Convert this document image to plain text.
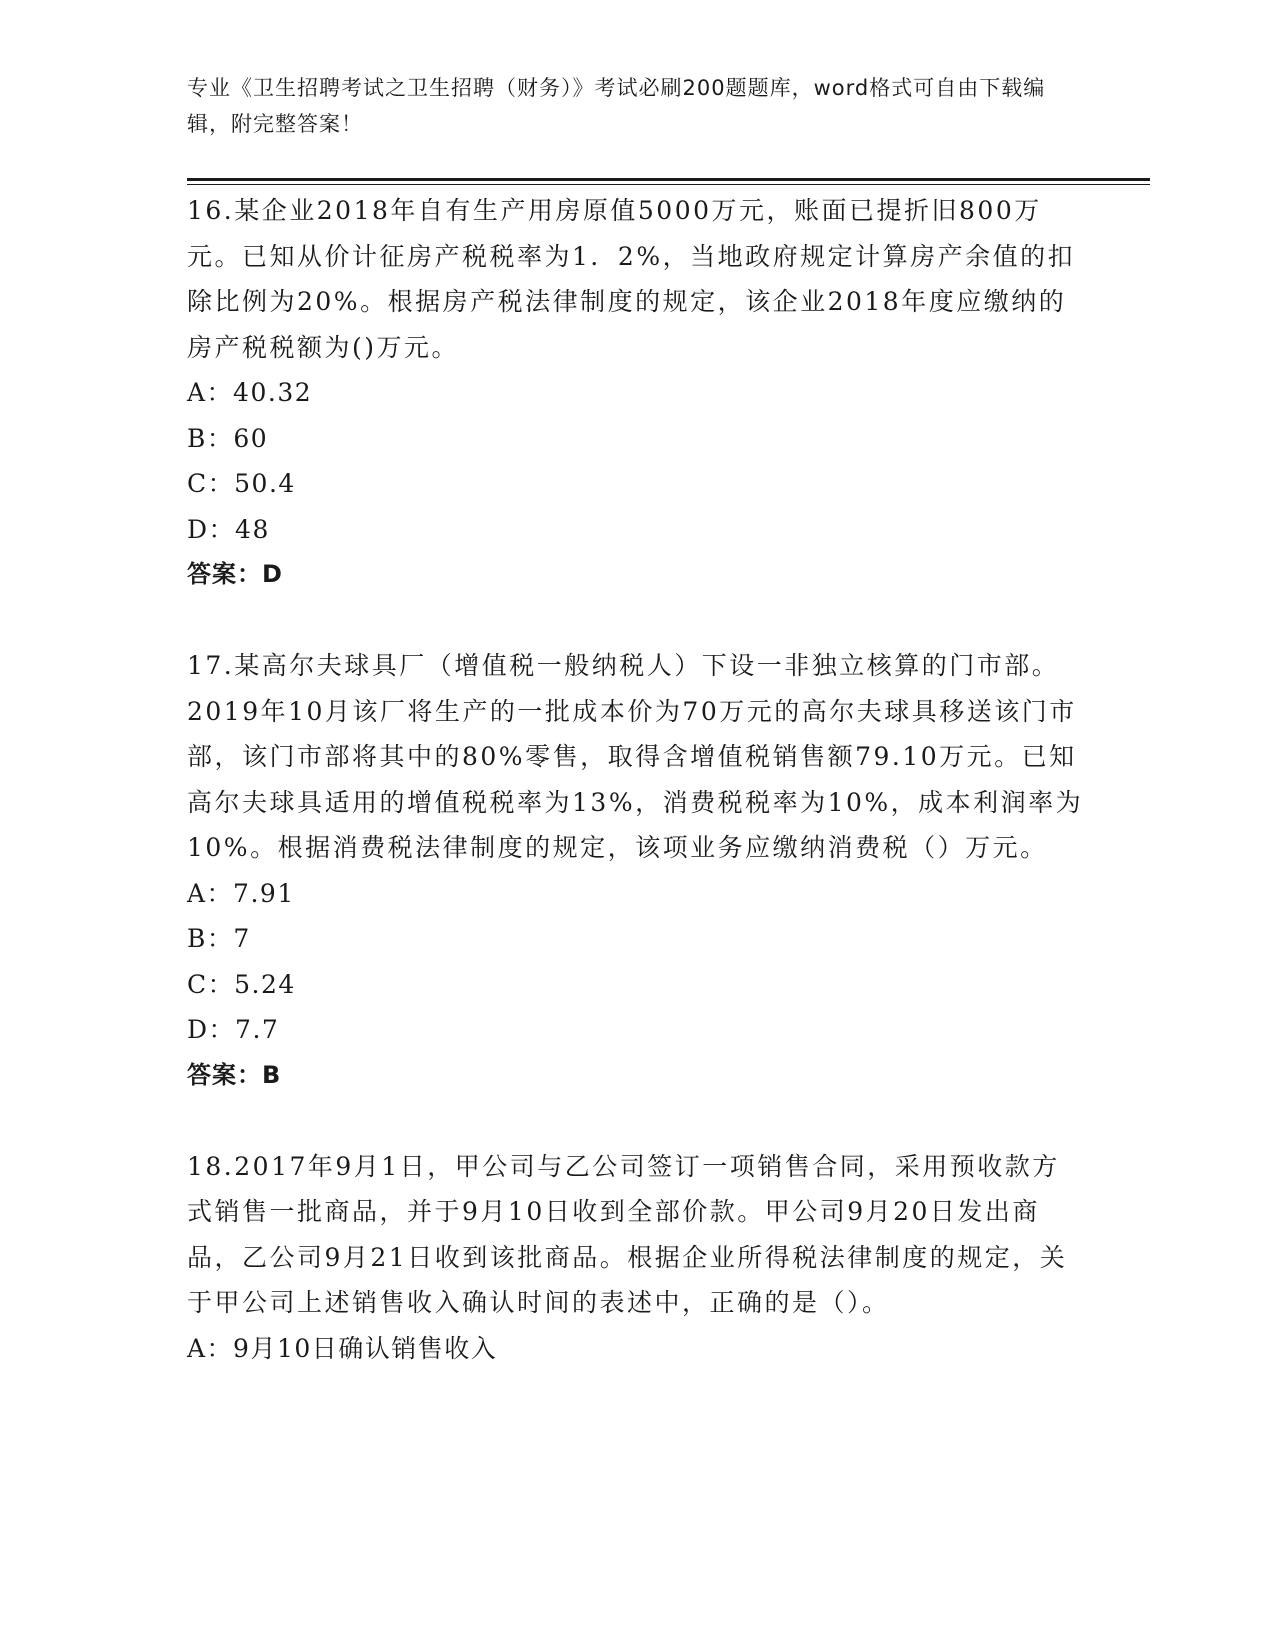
专业《卫生招聘考试之卫生招聘（财务）》考试必刷200题题库，word格式可自由下载编辑，附完整答案！
16.某企业2018年自有生产用房原值5000万元，账面已提折旧800万元。已知从价计征房产税税率为1．2%，当地政府规定计算房产余值的扣除比例为20%。根据房产税法律制度的规定，该企业2018年度应缴纳的房产税税额为()万元。
A：40.32
B：60
C：50.4
D：48
答案：D
17.某高尔夫球具厂（增值税一般纳税人）下设一非独立核算的门市部。2019年10月该厂将生产的一批成本价为70万元的高尔夫球具移送该门市部，该门市部将其中的80%零售，取得含增值税销售额79.10万元。已知高尔夫球具适用的增值税税率为13%，消费税税率为10%，成本利润率为10%。根据消费税法律制度的规定，该项业务应缴纳消费税（）万元。
A：7.91
B：7
C：5.24
D：7.7
答案：B
18.2017年9月1日，甲公司与乙公司签订一项销售合同，采用预收款方式销售一批商品，并于9月10日收到全部价款。甲公司9月20日发出商品，乙公司9月21日收到该批商品。根据企业所得税法律制度的规定，关于甲公司上述销售收入确认时间的表述中，正确的是（）。
A：9月10日确认销售收入
